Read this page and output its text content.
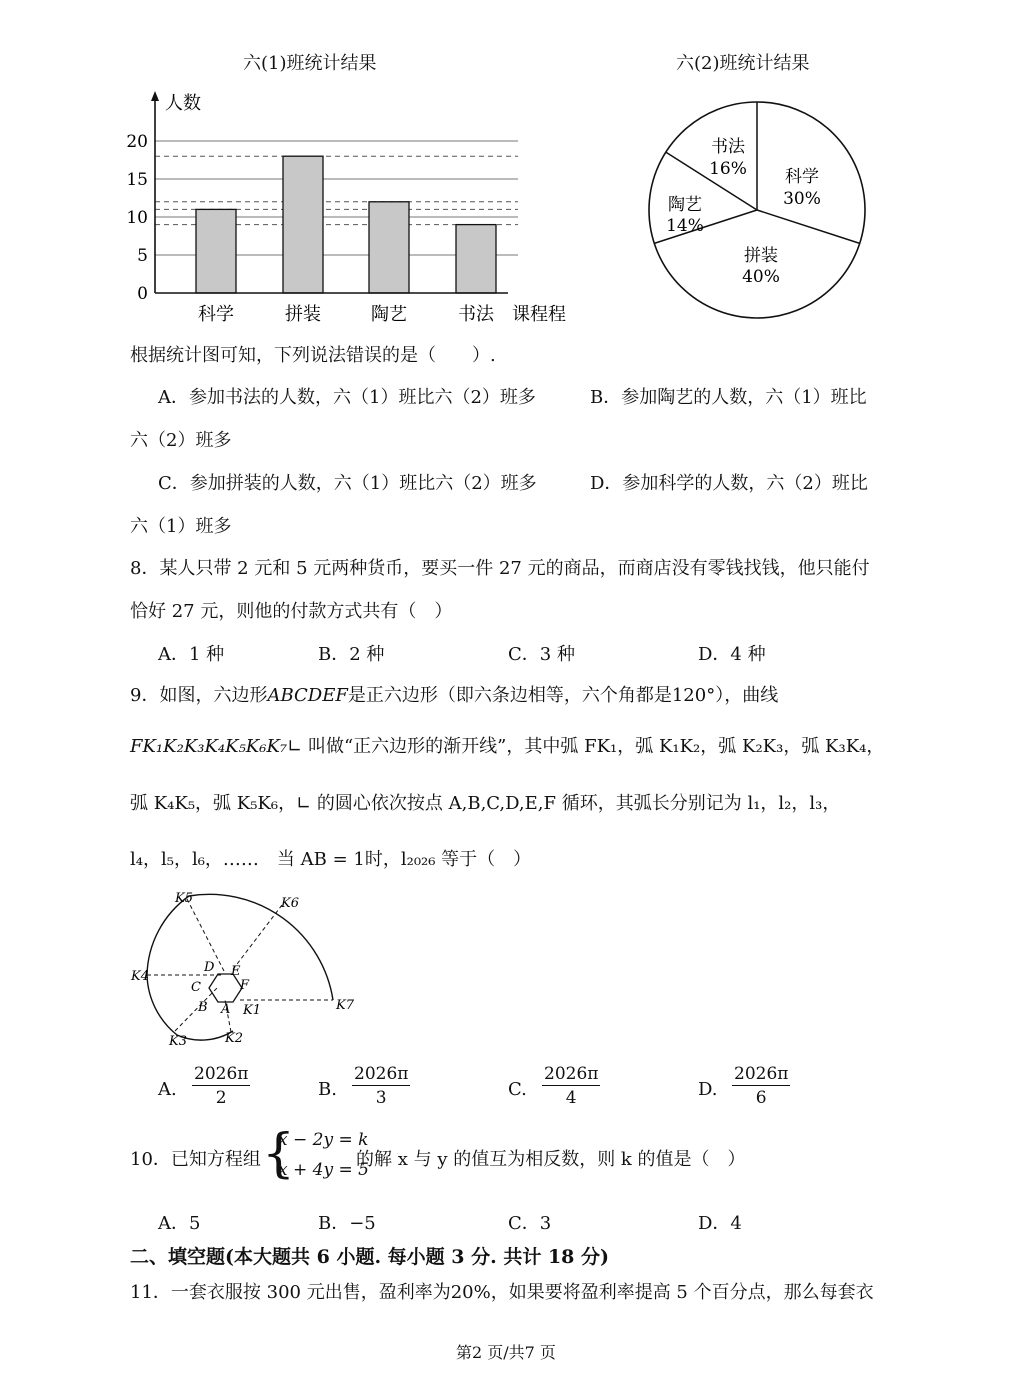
六(1)班统计结果
人数
课程程
0
5
10
15
20
科学	拼装	陶艺	书法
六(2)班统计结果
科学
30%
拼装
40%
陶艺
14%
书法
16%
根据统计图可知，下列说法错误的是（　　）.
A．参加书法的人数，六（1）班比六（2）班多	B．参加陶艺的人数，六（1）班比
六（2）班多
C．参加拼装的人数，六（1）班比六（2）班多	D．参加科学的人数，六（2）班比
六（1）班多
8．某人只带 2 元和 5 元两种货币，要买一件 27 元的商品，而商店没有零钱找钱，他只能付
恰好 27 元，则他的付款方式共有（　）
A．1 种	B．2 种	C．3 种	D．4 种
9．如图，六边形ABCDEF是正六边形（即六条边相等，六个角都是120°），曲线
FK₁K₂K₃K₄K₅K₆K₇∟ 叫做“正六边形的渐开线”，其中弧 FK₁，弧 K₁K₂，弧 K₂K₃，弧 K₃K₄，
弧 K₄K₅，弧 K₅K₆，∟ 的圆心依次按点 A,B,C,D,E,F 循环，其弧长分别记为 l₁，l₂，l₃，
l₄，l₅，l₆，……　当 AB = 1时，l₂₀₂₆ 等于（　）
K5	K6
K4
D E
C	F
B A K1	K7
K3	K2
A. $\frac{2026\pi}{2}$	B. $\frac{2026\pi}{3}$	C. $\frac{2026\pi}{4}$	D. $\frac{2026\pi}{6}$
10．已知方程组 {
x − 2y = k
x + 4y = 5
的解 x 与 y 的值互为相反数，则 k 的值是（　）
A．5	B．−5	C．3	D．4
二、填空题(本大题共 6 小题. 每小题 3 分. 共计 18 分)
11．一套衣服按 300 元出售，盈利率为20%，如果要将盈利率提高 5 个百分点，那么每套衣
第2 页/共7 页
